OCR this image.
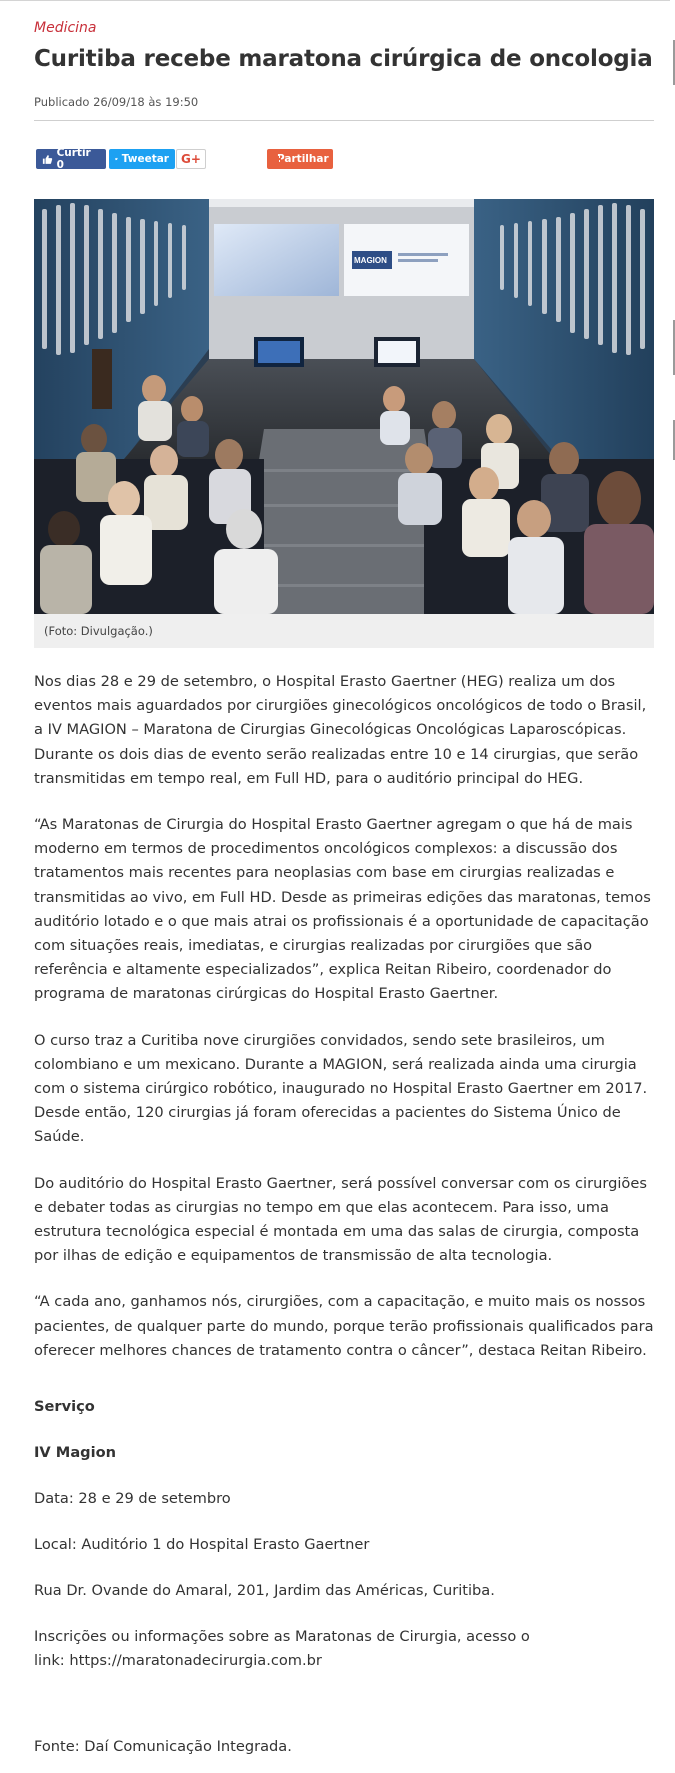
Medicina
Curitiba recebe maratona cirúrgica de oncologia
Publicado 26/09/18 às 19:50
Curtir 0	Tweetar G+	Partilhar
MAGION
(Foto: Divulgação.)

Nos dias 28 e 29 de setembro, o Hospital Erasto Gaertner (HEG) realiza um dos eventos mais aguardados por cirurgiões ginecológicos oncológicos de todo o Brasil, a IV MAGION – Maratona de Cirurgias Ginecológicas Oncológicas Laparoscópicas. Durante os dois dias de evento serão realizadas entre 10 e 14 cirurgias, que serão transmitidas em tempo real, em Full HD, para o auditório principal do HEG.

“As Maratonas de Cirurgia do Hospital Erasto Gaertner agregam o que há de mais moderno em termos de procedimentos oncológicos complexos: a discussão dos tratamentos mais recentes para neoplasias com base em cirurgias realizadas e transmitidas ao vivo, em Full HD. Desde as primeiras edições das maratonas, temos auditório lotado e o que mais atrai os profissionais é a oportunidade de capacitação com situações reais, imediatas, e cirurgias realizadas por cirurgiões que são referência e altamente especializados”, explica Reitan Ribeiro, coordenador do programa de maratonas cirúrgicas do Hospital Erasto Gaertner.

O curso traz a Curitiba nove cirurgiões convidados, sendo sete brasileiros, um colombiano e um mexicano. Durante a MAGION, será realizada ainda uma cirurgia com o sistema cirúrgico robótico, inaugurado no Hospital Erasto Gaertner em 2017. Desde então, 120 cirurgias já foram oferecidas a pacientes do Sistema Único de Saúde.

Do auditório do Hospital Erasto Gaertner, será possível conversar com os cirurgiões e debater todas as cirurgias no tempo em que elas acontecem. Para isso, uma estrutura tecnológica especial é montada em uma das salas de cirurgia, composta por ilhas de edição e equipamentos de transmissão de alta tecnologia.

“A cada ano, ganhamos nós, cirurgiões, com a capacitação, e muito mais os nossos pacientes, de qualquer parte do mundo, porque terão profissionais qualificados para oferecer melhores chances de tratamento contra o câncer”, destaca Reitan Ribeiro.

Serviço

IV Magion

Data: 28 e 29 de setembro

Local: Auditório 1 do Hospital Erasto Gaertner

Rua Dr. Ovande do Amaral, 201, Jardim das Américas, Curitiba.

Inscrições ou informações sobre as Maratonas de Cirurgia, acesso o
link: https://maratonadecirurgia.com.br

Fonte: Daí Comunicação Integrada.
